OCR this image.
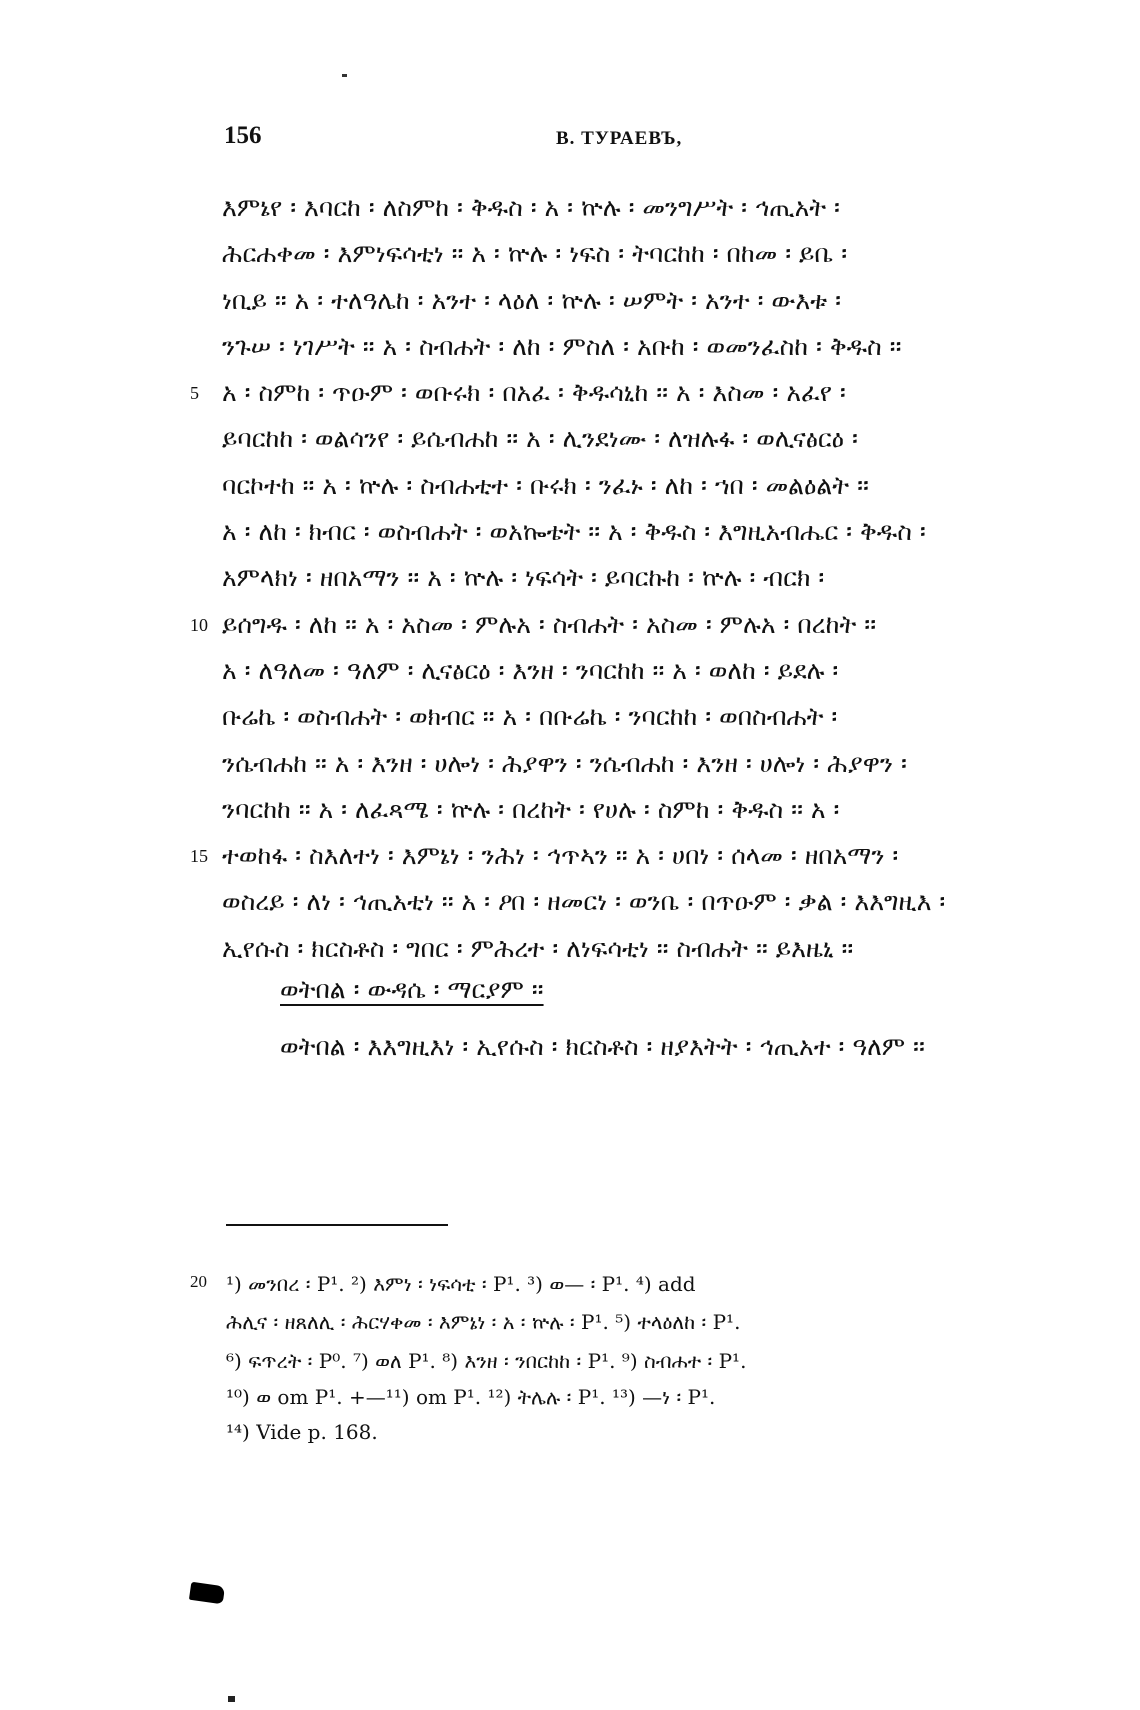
156	B. ТУРАЕВЪ,
እምኔየ ፡ እባርከ ፡ ለስምከ ፡ ቅዱስ ፡ አ ፡ ኵሉ ፡ መንግሥት ፡ ኅጢአት ፡
ሕርሐቀመ ፡ እምነፍሳቲነ ፡፡ አ ፡ ኵሉ ፡ ነፍስ ፡ ትባርከከ ፡ በከመ ፡ ይቤ ፡
ነቢይ ፡፡ አ ፡ ተለዓሌከ ፡ አንተ ፡ ላዕለ ፡ ኵሉ ፡ ሠምት ፡ አንተ ፡ ውእቱ ፡
ንጉሠ ፡ ነገሥት ፡፡ አ ፡ ስብሐት ፡ ለከ ፡ ምስለ ፡ አቡከ ፡ ወመንፈስከ ፡ ቅዱስ ፡፡
5 አ ፡ ስምከ ፡ ጥዑም ፡ ወቡሩክ ፡ በአፈ ፡ ቅዱሳኒከ ፡፡ አ ፡ እስመ ፡ አፈየ ፡
ይባርከከ ፡ ወልሳንየ ፡ ይሴብሐከ ፡፡ አ ፡ ሊንደነሙ ፡ ለዝሉፋ ፡ ወሊናፅርዕ ፡
ባርኮተከ ፡፡ አ ፡ ኵሉ ፡ ስብሐቲተ ፡ ቡሩክ ፡ ንፈኑ ፡ ለከ ፡ ኀበ ፡ መልዕልት ፡፡
አ ፡ ለከ ፡ ክብር ፡ ወስብሐት ፡ ወአኰቴት ፡፡ አ ፡ ቅዱስ ፡ እግዚአብሔር ፡ ቅዱስ ፡
አምላክነ ፡ ዘበአማን ፡፡ አ ፡ ኵሉ ፡ ነፍሳት ፡ ይባርኩከ ፡ ኵሉ ፡ ብርክ ፡
10 ይሰግዱ ፡ ለከ ፡፡ አ ፡ አስመ ፡ ምሉአ ፡ ስብሐት ፡ አስመ ፡ ምሉአ ፡ በረከት ፡፡
አ ፡ ለዓለመ ፡ ዓለም ፡ ሊናፅርዕ ፡ እንዘ ፡ ንባርከከ ፡፡ አ ፡ ወለከ ፡ ይደሉ ፡
ቡሬኬ ፡ ወስብሐት ፡ ወክብር ፡፡ አ ፡ በቡሬኬ ፡ ንባርከከ ፡ ወበስብሐት ፡
ንሴብሐከ ፡፡ አ ፡ እንዘ ፡ ሀሎነ ፡ ሕያዋን ፡ ንሴብሐከ ፡ እንዘ ፡ ሀሎነ ፡ ሕያዋን ፡
ንባርከከ ፡፡ አ ፡ ለፈጻሜ ፡ ኵሉ ፡ በረከት ፡ የሀሉ ፡ ስምከ ፡ ቅዱስ ፡፡ አ ፡
15 ተወከፋ ፡ ስእለተነ ፡ እምኔነ ፡ ንሕነ ፡ ኅጥኣን ፡፡ አ ፡ ሀበነ ፡ ሰላመ ፡ ዘበአማን ፡
ወስረይ ፡ ለነ ፡ ኅጢአቲነ ፡፡ አ ፡ ዖበ ፡ ዘመርነ ፡ ወንቤ ፡ በጥዑም ፡ ቃል ፡ እእግዚእ ፡
ኢየሱስ ፡ ክርስቶስ ፡ ግበር ፡ ምሕረተ ፡ ለነፍሳቲነ ፡፡ ስብሐት ፡፡ ይእዜኒ ፡፡
ወትበል ፡ ውዳሴ ፡ ማርያም ፡፡
ወትበል ፡ እእግዚእነ ፡ ኢየሱስ ፡ ክርስቶስ ፡ ዘያእትት ፡ ኅጢአተ ፡ ዓለም ፡፡
20 ¹) መንበረ ፡ P¹. ²) እምነ ፡ ነፍሳቲ ፡ P¹. ³) ወ— ፡ P¹. ⁴) add
ሕሊና ፡ ዘጸለሊ ፡ ሕርሃቀመ ፡ እምኔነ ፡ አ ፡ ኵሉ ፡ P¹. ⁵) ተላዕለከ ፡ P¹.
⁶) ፍጥረት ፡ P⁰. ⁷) ወለ P¹. ⁸) እንዘ ፡ ንበርከከ ፡ P¹. ⁹) ስብሐተ ፡ P¹.
¹⁰) ወ om P¹. +—¹¹) om P¹. ¹²) ትሌሉ ፡ P¹. ¹³) —ነ ፡ P¹.
¹⁴) Vide p. 168.
